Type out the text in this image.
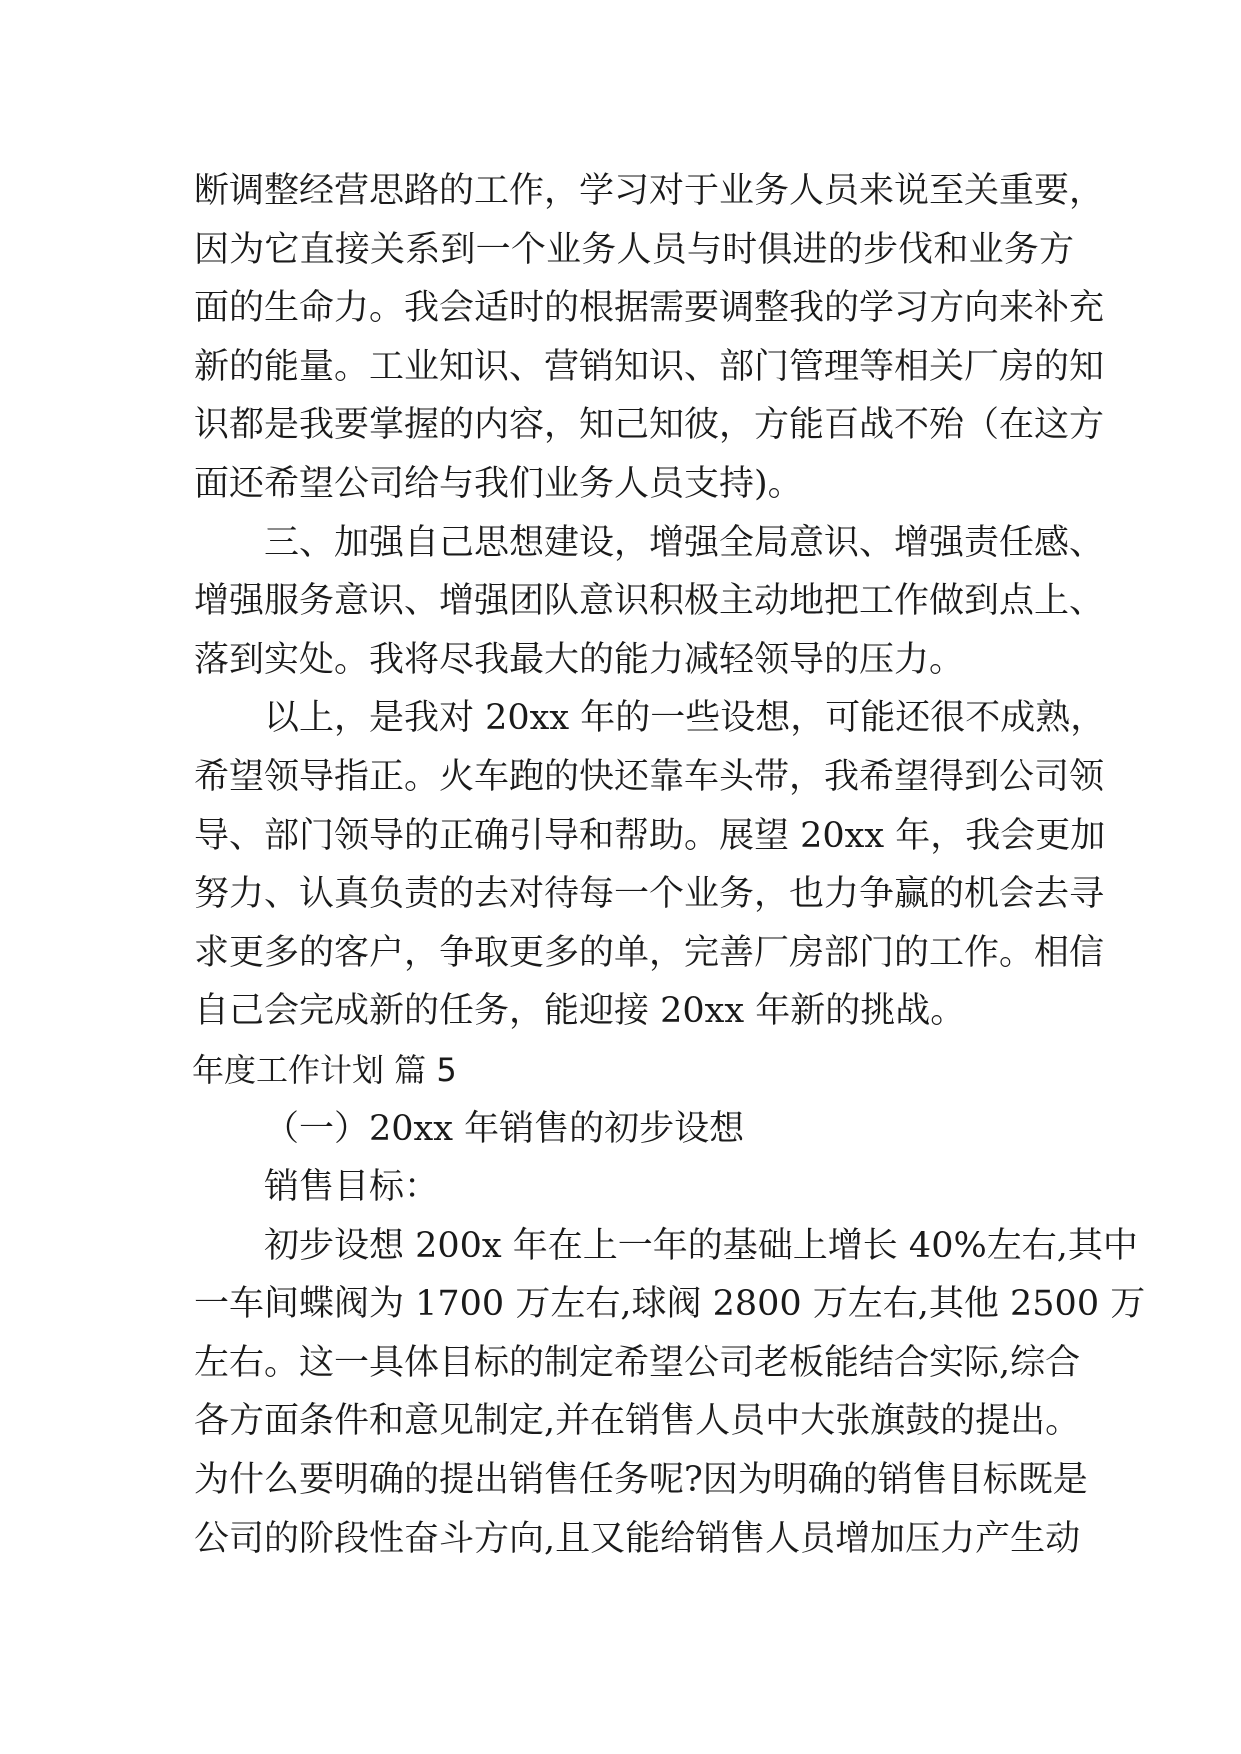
断调整经营思路的工作，学习对于业务人员来说至关重要，
因为它直接关系到一个业务人员与时俱进的步伐和业务方
面的生命力。我会适时的根据需要调整我的学习方向来补充
新的能量。工业知识、营销知识、部门管理等相关厂房的知
识都是我要掌握的内容，知己知彼，方能百战不殆（在这方
面还希望公司给与我们业务人员支持)。
三、加强自己思想建设，增强全局意识、增强责任感、
增强服务意识、增强团队意识积极主动地把工作做到点上、
落到实处。我将尽我最大的能力减轻领导的压力。
以上，是我对 20xx 年的一些设想，可能还很不成熟，
希望领导指正。火车跑的快还靠车头带，我希望得到公司领
导、部门领导的正确引导和帮助。展望 20xx 年，我会更加
努力、认真负责的去对待每一个业务，也力争赢的机会去寻
求更多的客户，争取更多的单，完善厂房部门的工作。相信
自己会完成新的任务，能迎接 20xx 年新的挑战。
年度工作计划 篇 5
（一）20xx 年销售的初步设想
销售目标：
初步设想 200x 年在上一年的基础上增长 40%左右,其中
一车间蝶阀为 1700 万左右,球阀 2800 万左右,其他 2500 万
左右。这一具体目标的制定希望公司老板能结合实际,综合
各方面条件和意见制定,并在销售人员中大张旗鼓的提出。
为什么要明确的提出销售任务呢?因为明确的销售目标既是
公司的阶段性奋斗方向,且又能给销售人员增加压力产生动
